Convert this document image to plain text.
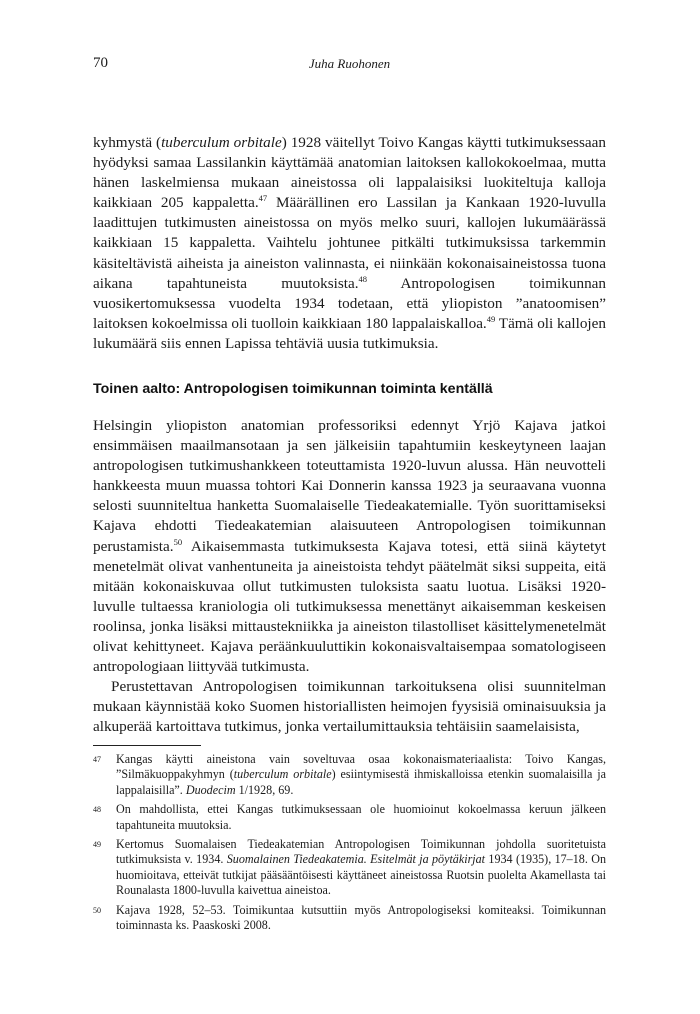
70	Juha Ruohonen

kyhmystä (tuberculum orbitale) 1928 väitellyt Toivo Kangas käytti tutkimuksessaan hyödyksi samaa Lassilankin käyttämää anatomian laitoksen kallokokoelmaa, mutta hänen laskelmiensa mukaan aineistossa oli lappalaisiksi luokiteltuja kalloja kaikkiaan 205 kappaletta.$^{47}$ Määrällinen ero Lassilan ja Kankaan 1920-luvulla laadittujen tutkimusten aineistossa on myös melko suuri, kallojen lukumäärässä kaikkiaan 15 kappaletta. Vaihtelu johtunee pitkälti tutkimuksissa tarkemmin käsiteltävistä aiheista ja aineiston valinnasta, ei niinkään kokonaisaineistossa tuona aikana tapahtuneista muutoksista.$^{48}$ Antropologisen toimikunnan vuosikertomuksessa vuodelta 1934 todetaan, että yliopiston ”anatoomisen” laitoksen kokoelmissa oli tuolloin kaikkiaan 180 lappalaiskalloa.$^{49}$ Tämä oli kallojen lukumäärä siis ennen Lapissa tehtäviä uusia tutkimuksia.

Toinen aalto: Antropologisen toimikunnan toiminta kentällä

Helsingin yliopiston anatomian professoriksi edennyt Yrjö Kajava jatkoi ensimmäisen maailmansotaan ja sen jälkeisiin tapahtumiin keskeytyneen laajan antropologisen tutkimushankkeen toteuttamista 1920-luvun alussa. Hän neuvotteli hankkeesta muun muassa tohtori Kai Donnerin kanssa 1923 ja seuraavana vuonna selosti suunniteltua hanketta Suomalaiselle Tiedeakatemialle. Työn suorittamiseksi Kajava ehdotti Tiedeakatemian alaisuuteen Antropologisen toimikunnan perustamista.$^{50}$ Aikaisemmasta tutkimuksesta Kajava totesi, että siinä käytetyt menetelmät olivat vanhentuneita ja aineistoista tehdyt päätelmät siksi suppeita, eitä mitään kokonaiskuvaa ollut tutkimusten tuloksista saatu luotua. Lisäksi 1920-luvulle tultaessa kraniologia oli tutkimuksessa menettänyt aikaisemman keskeisen roolinsa, jonka lisäksi mittaustekniikka ja aineiston tilastolliset käsittelymenetelmät olivat kehittyneet. Kajava peräänkuuluttikin kokonaisvaltaisempaa somatologiseen antropologiaan liittyvää tutkimusta.

Perustettavan Antropologisen toimikunnan tarkoituksena olisi suunnitelman mukaan käynnistää koko Suomen historiallisten heimojen fyysisiä ominaisuuksia ja alkuperää kartoittava tutkimus, jonka vertailumittauksia tehtäisiin saamelaisista,

47 Kangas käytti aineistona vain soveltuvaa osaa kokonaismateriaalista: Toivo Kangas, ”Silmäkuoppakyhmyn (tuberculum orbitale) esiintymisestä ihmiskalloissa etenkin suomalaisilla ja lappalaisilla”. Duodecim 1/1928, 69.
48 On mahdollista, ettei Kangas tutkimuksessaan ole huomioinut kokoelmassa keruun jälkeen tapahtuneita muutoksia.
49 Kertomus Suomalaisen Tiedeakatemian Antropologisen Toimikunnan johdolla suoritetuista tutkimuksista v. 1934. Suomalainen Tiedeakatemia. Esitelmät ja pöytäkirjat 1934 (1935), 17–18. On huomioitava, etteivät tutkijat pääsääntöisesti käyttäneet aineistossa Ruotsin puolelta Akamellasta tai Rounalasta 1800-luvulla kaivettua aineistoa.
50 Kajava 1928, 52–53. Toimikuntaa kutsuttiin myös Antropologiseksi komiteaksi. Toimikunnan toiminnasta ks. Paaskoski 2008.
